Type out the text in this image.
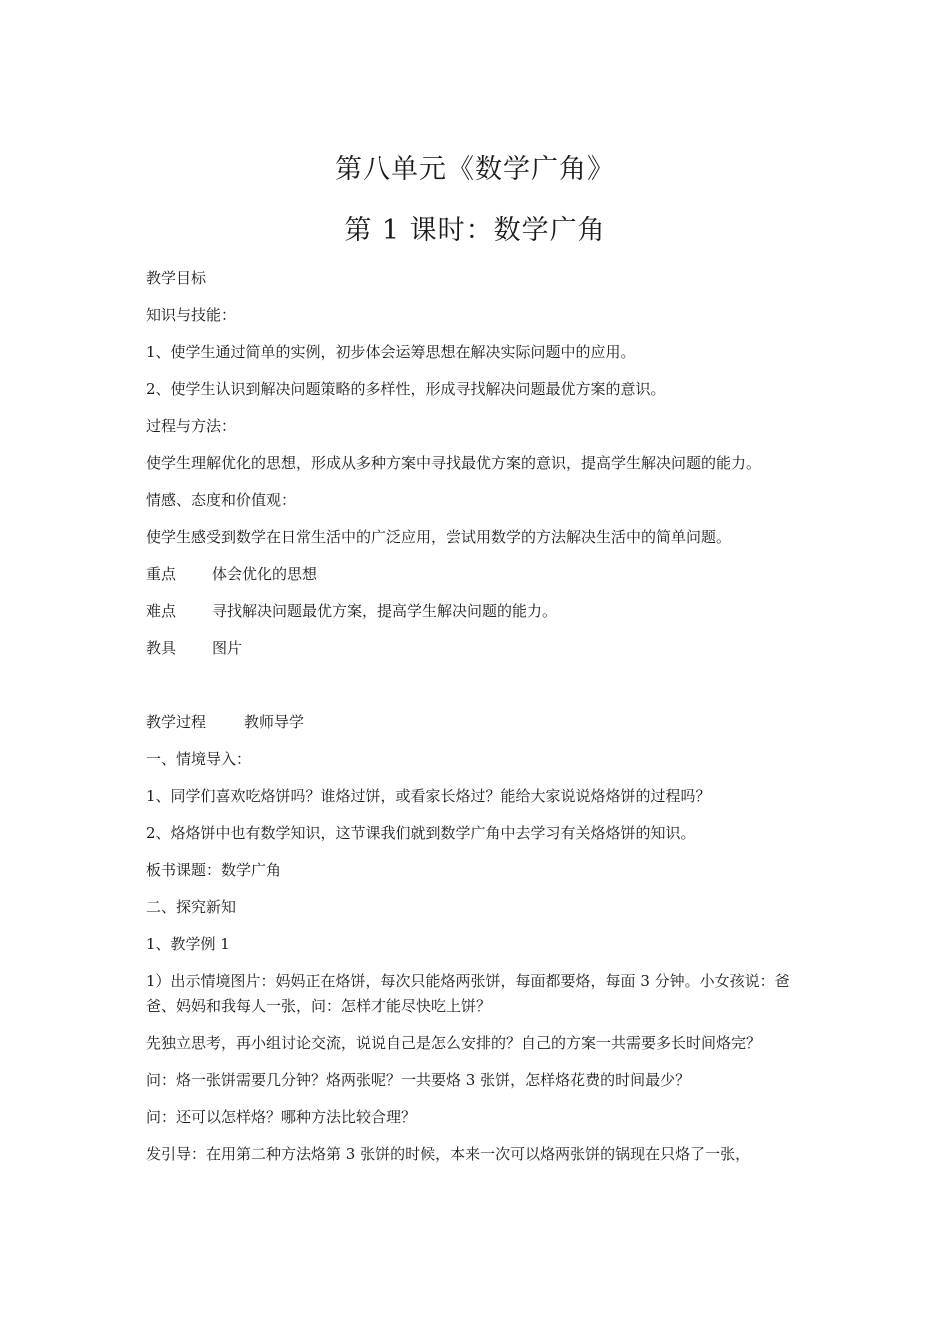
第八单元《数学广角》
第 1 课时：数学广角

教学目标

知识与技能：

1、使学生通过简单的实例，初步体会运筹思想在解决实际问题中的应用。

2、使学生认识到解决问题策略的多样性，形成寻找解决问题最优方案的意识。

过程与方法：

使学生理解优化的思想，形成从多种方案中寻找最优方案的意识，提高学生解决问题的能力。

情感、态度和价值观：

使学生感受到数学在日常生活中的广泛应用，尝试用数学的方法解决生活中的简单问题。

重点 体会优化的思想

难点 寻找解决问题最优方案，提高学生解决问题的能力。

教具 图片

教学过程	教师导学

一、情境导入：

1、同学们喜欢吃烙饼吗？谁烙过饼，或看家长烙过？能给大家说说烙烙饼的过程吗？

2、烙烙饼中也有数学知识，这节课我们就到数学广角中去学习有关烙烙饼的知识。

板书课题：数学广角

二、探究新知

1、教学例 1

1）出示情境图片：妈妈正在烙饼，每次只能烙两张饼，每面都要烙，每面 3 分钟。小女孩说：爸爸、妈妈和我每人一张，问：怎样才能尽快吃上饼？

先独立思考，再小组讨论交流，说说自己是怎么安排的？自己的方案一共需要多长时间烙完？

问：烙一张饼需要几分钟？烙两张呢？一共要烙 3 张饼，怎样烙花费的时间最少？

问：还可以怎样烙？哪种方法比较合理？

发引导：在用第二种方法烙第 3 张饼的时候，本来一次可以烙两张饼的锅现在只烙了一张，
